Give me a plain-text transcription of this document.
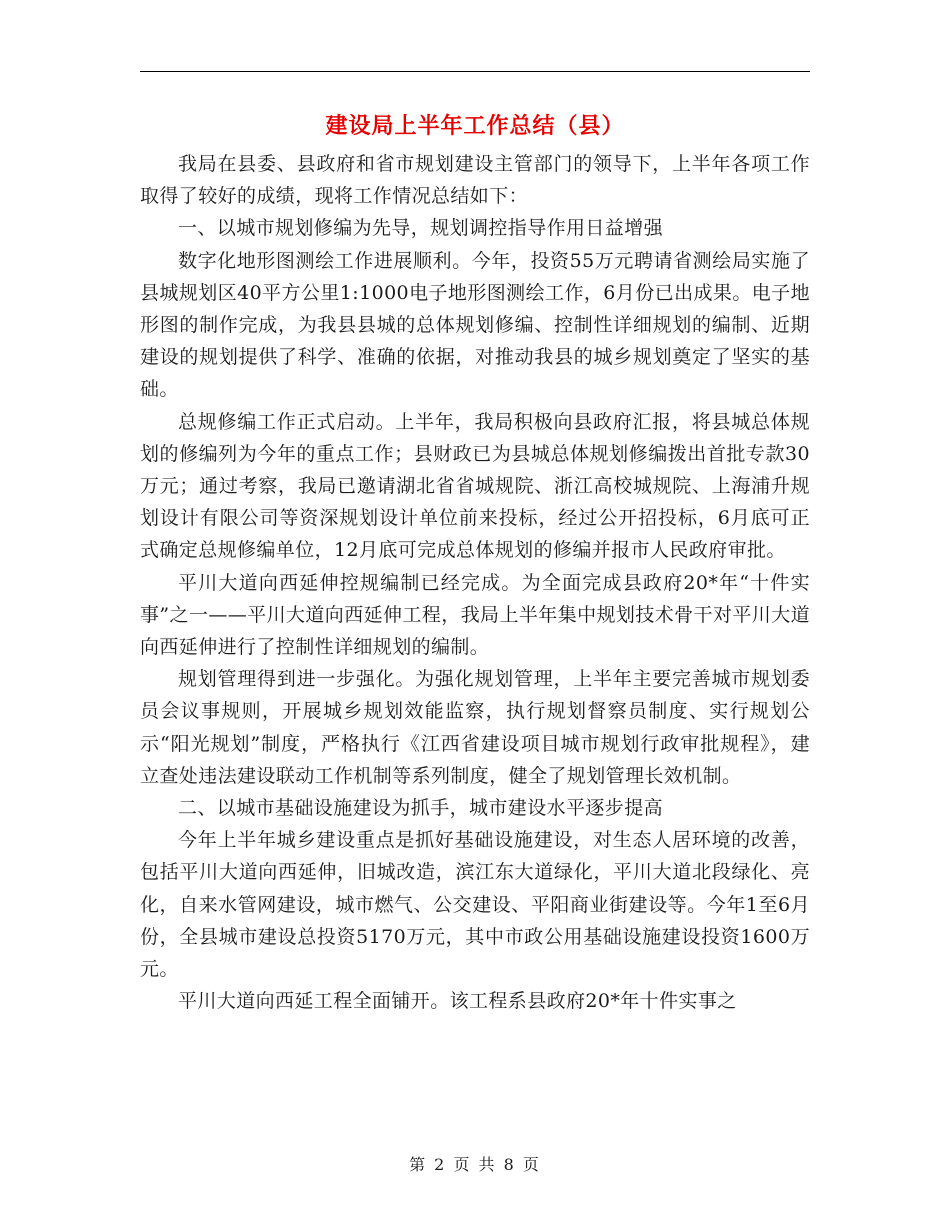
建设局上半年工作总结（县）

我局在县委、县政府和省市规划建设主管部门的领导下，上半年各项工作取得了较好的成绩，现将工作情况总结如下：

一、以城市规划修编为先导，规划调控指导作用日益增强

数字化地形图测绘工作进展顺利。今年，投资55万元聘请省测绘局实施了县城规划区40平方公里1:1000电子地形图测绘工作，6月份已出成果。电子地形图的制作完成，为我县县城的总体规划修编、控制性详细规划的编制、近期建设的规划提供了科学、准确的依据，对推动我县的城乡规划奠定了坚实的基础。

总规修编工作正式启动。上半年，我局积极向县政府汇报，将县城总体规划的修编列为今年的重点工作；县财政已为县城总体规划修编拨出首批专款30万元；通过考察，我局已邀请湖北省省城规院、浙江高校城规院、上海浦升规划设计有限公司等资深规划设计单位前来投标，经过公开招投标，6月底可正式确定总规修编单位，12月底可完成总体规划的修编并报市人民政府审批。

平川大道向西延伸控规编制已经完成。为全面完成县政府20*年“十件实事”之一——平川大道向西延伸工程，我局上半年集中规划技术骨干对平川大道向西延伸进行了控制性详细规划的编制。

规划管理得到进一步强化。为强化规划管理，上半年主要完善城市规划委员会议事规则，开展城乡规划效能监察，执行规划督察员制度、实行规划公示“阳光规划”制度，严格执行《江西省建设项目城市规划行政审批规程》，建立查处违法建设联动工作机制等系列制度，健全了规划管理长效机制。

二、以城市基础设施建设为抓手，城市建设水平逐步提高

今年上半年城乡建设重点是抓好基础设施建设，对生态人居环境的改善，包括平川大道向西延伸，旧城改造，滨江东大道绿化，平川大道北段绿化、亮化，自来水管网建设，城市燃气、公交建设、平阳商业街建设等。今年1至6月份，全县城市建设总投资5170万元，其中市政公用基础设施建设投资1600万元。

平川大道向西延工程全面铺开。该工程系县政府20*年十件实事之

第 2 页 共 8 页
